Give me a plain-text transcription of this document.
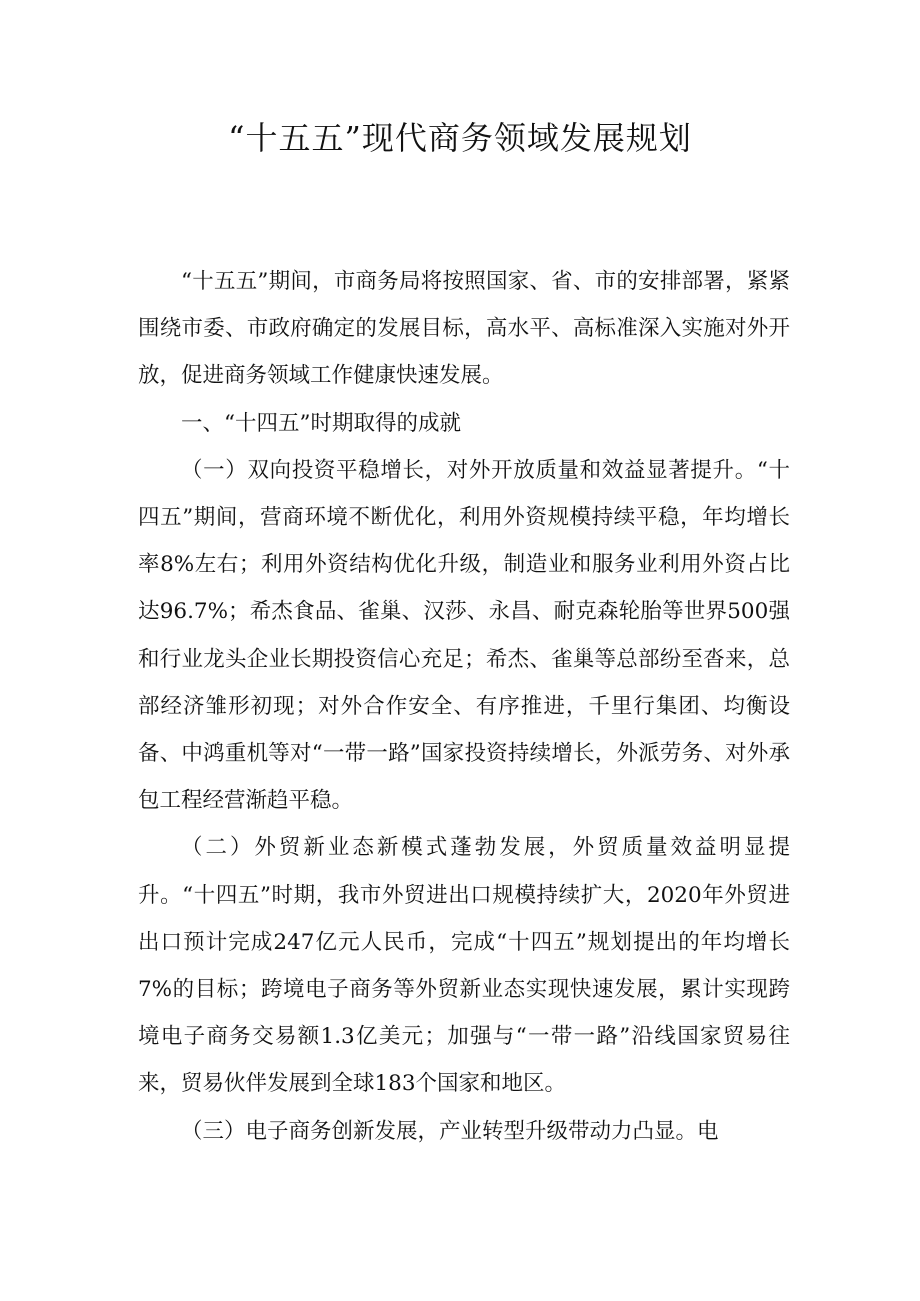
“十五五”现代商务领域发展规划

“十五五”期间，市商务局将按照国家、省、市的安排部署，紧紧围绕市委、市政府确定的发展目标，高水平、高标准深入实施对外开放，促进商务领域工作健康快速发展。

一、“十四五”时期取得的成就

（一）双向投资平稳增长，对外开放质量和效益显著提升。“十四五”期间，营商环境不断优化，利用外资规模持续平稳，年均增长率8%左右；利用外资结构优化升级，制造业和服务业利用外资占比达96.7%；希杰食品、雀巢、汉莎、永昌、耐克森轮胎等世界500强和行业龙头企业长期投资信心充足；希杰、雀巢等总部纷至沓来，总部经济雏形初现；对外合作安全、有序推进，千里行集团、均衡设备、中鸿重机等对“一带一路”国家投资持续增长，外派劳务、对外承包工程经营渐趋平稳。

（二）外贸新业态新模式蓬勃发展，外贸质量效益明显提升。“十四五”时期，我市外贸进出口规模持续扩大，2020年外贸进出口预计完成247亿元人民币，完成“十四五”规划提出的年均增长7%的目标；跨境电子商务等外贸新业态实现快速发展，累计实现跨境电子商务交易额1.3亿美元；加强与“一带一路”沿线国家贸易往来，贸易伙伴发展到全球183个国家和地区。

（三）电子商务创新发展，产业转型升级带动力凸显。电
